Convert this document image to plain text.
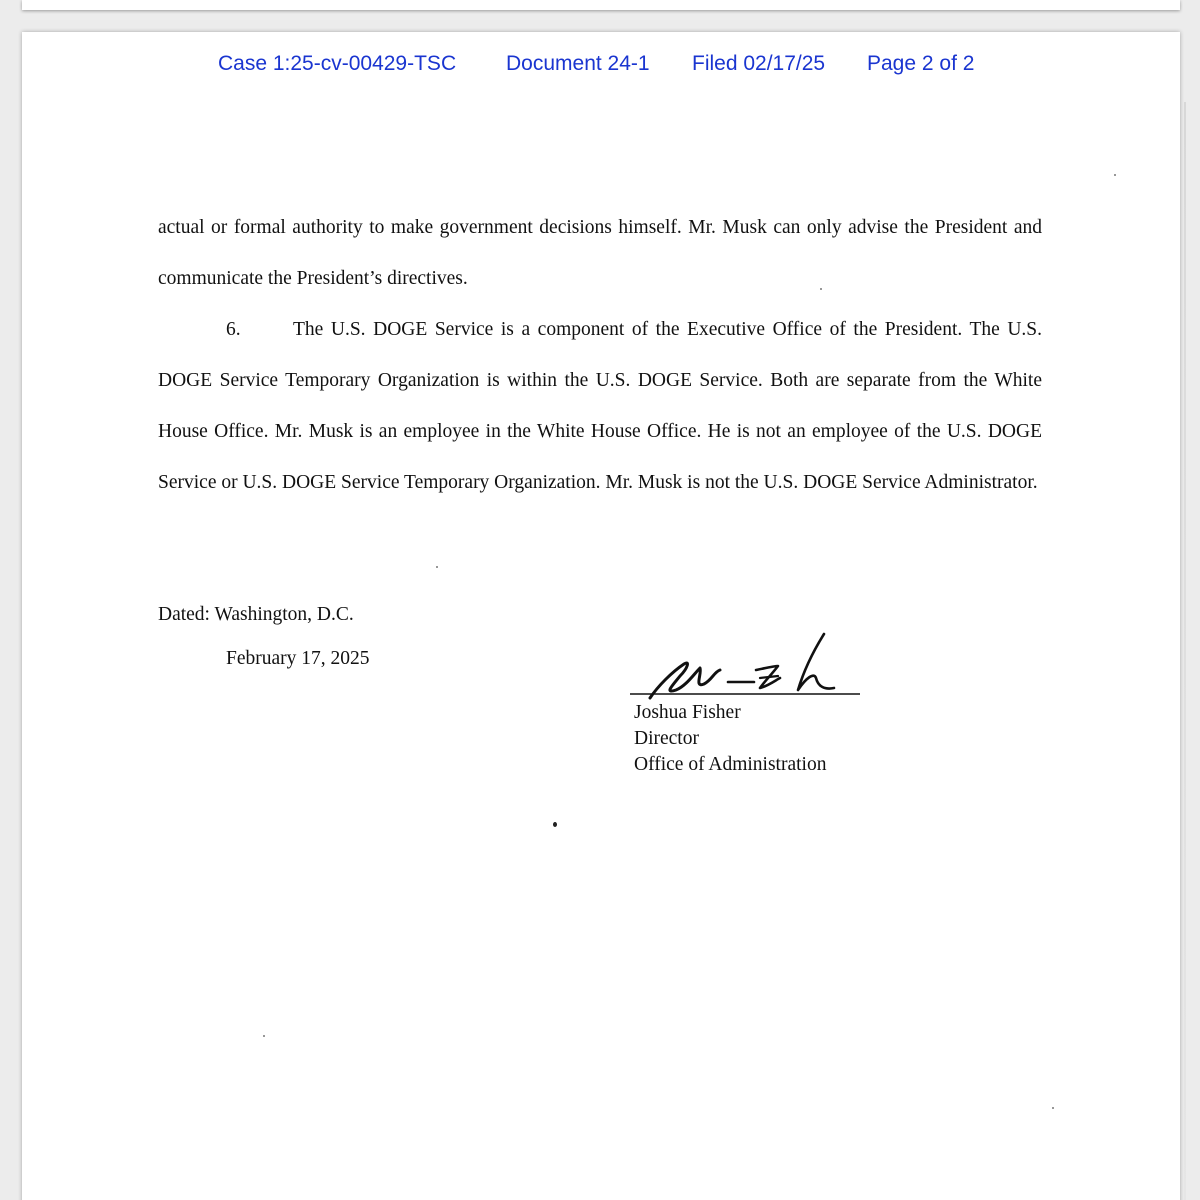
Case 1:25-cv-00429-TSC Document 24-1 Filed 02/17/25 Page 2 of 2

actual or formal authority to make government decisions himself. Mr. Musk can only advise the President and communicate the President’s directives.

6.	The U.S. DOGE Service is a component of the Executive Office of the President. The U.S. DOGE Service Temporary Organization is within the U.S. DOGE Service. Both are separate from the White House Office. Mr. Musk is an employee in the White House Office. He is not an employee of the U.S. DOGE Service or U.S. DOGE Service Temporary Organization. Mr. Musk is not the U.S. DOGE Service Administrator.

Dated: Washington, D.C.
February 17, 2025
Joshua Fisher
Director
Office of Administration
